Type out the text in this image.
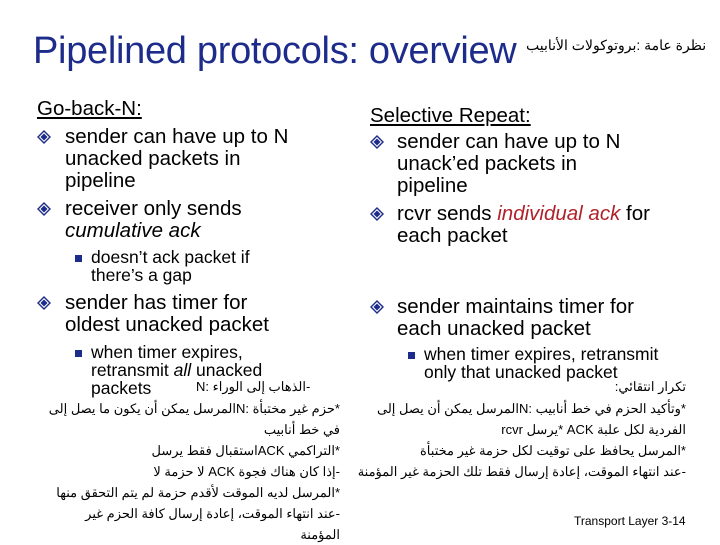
Pipelined protocols: overview نظرة عامة :بروتوكولات الأنابيب
Go-back-N:
sender can have up to N
unacked packets in
pipeline
receiver only sends
cumulative ack
doesn’t ack packet if
there’s a gap
sender has timer for
oldest unacked packet
when timer expires,
retransmit all unacked
packets	-الذهاب إلى الوراء :N
*حزم غير مختبأة :Nالمرسل يمكن أن يكون ما يصل إلى
في خط أنابيب
*التراكمي ACKاستقبال فقط يرسل
-إذا كان هناك فجوة ACK لا حزمة لا
*المرسل لديه الموقت لأقدم حزمة لم يتم التحقق منها
-عند انتهاء الموقت، إعادة إرسال كافة الحزم غير
المؤمنة
Selective Repeat:
sender can have up to N
unack’ed packets in
pipeline
rcvr sends individual ack for
each packet
sender maintains timer for
each unacked packet
when timer expires, retransmit
only that unacked packet
تكرار انتقائي:
*وتأكيد الحزم في خط أنابيب :Nالمرسل يمكن أن يصل إلى
الفردية لكل علبة ACK *يرسل rcvr
*المرسل يحافظ على توقيت لكل حزمة غير مختبأة
-عند انتهاء الموقت، إعادة إرسال فقط تلك الحزمة غير المؤمنة
Transport Layer 3-14
